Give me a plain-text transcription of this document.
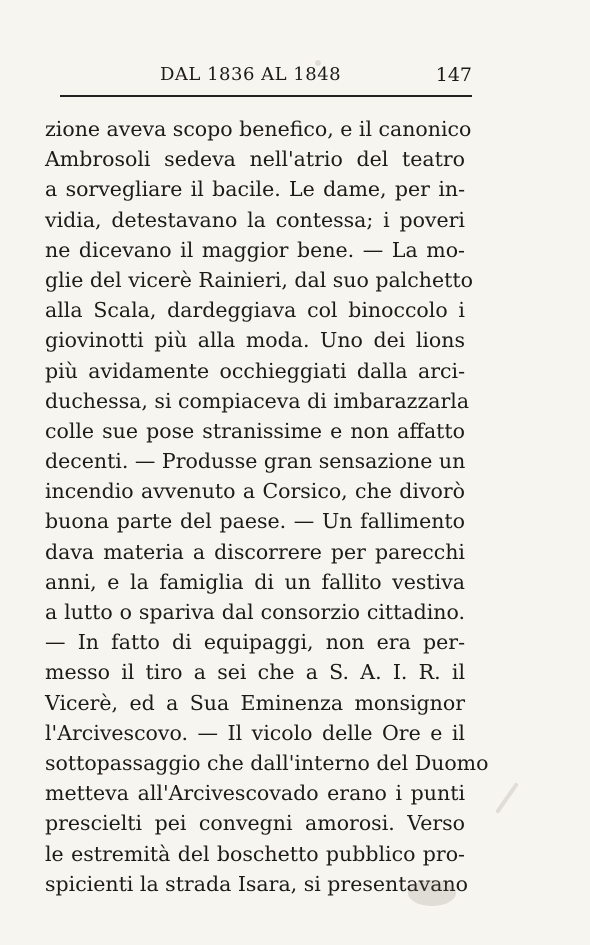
DAL 1836 AL 1848	147
zione aveva scopo benefico, e il canonico
Ambrosoli sedeva nell'atrio del teatro
a sorvegliare il bacile. Le dame, per in-
vidia, detestavano la contessa; i poveri
ne dicevano il maggior bene. — La mo-
glie del vicerè Rainieri, dal suo palchetto
alla Scala, dardeggiava col binoccolo i
giovinotti più alla moda. Uno dei lions
più avidamente occhieggiati dalla arci-
duchessa, si compiaceva di imbarazzarla
colle sue pose stranissime e non affatto
decenti. — Produsse gran sensazione un
incendio avvenuto a Corsico, che divorò
buona parte del paese. — Un fallimento
dava materia a discorrere per parecchi
anni, e la famiglia di un fallito vestiva
a lutto o spariva dal consorzio cittadino.
— In fatto di equipaggi, non era per-
messo il tiro a sei che a S. A. I. R. il
Vicerè, ed a Sua Eminenza monsignor
l'Arcivescovo. — Il vicolo delle Ore e il
sottopassaggio che dall'interno del Duomo
metteva all'Arcivescovado erano i punti
prescielti pei convegni amorosi. Verso
le estremità del boschetto pubblico pro-
spicienti la strada Isara, si presentavano
